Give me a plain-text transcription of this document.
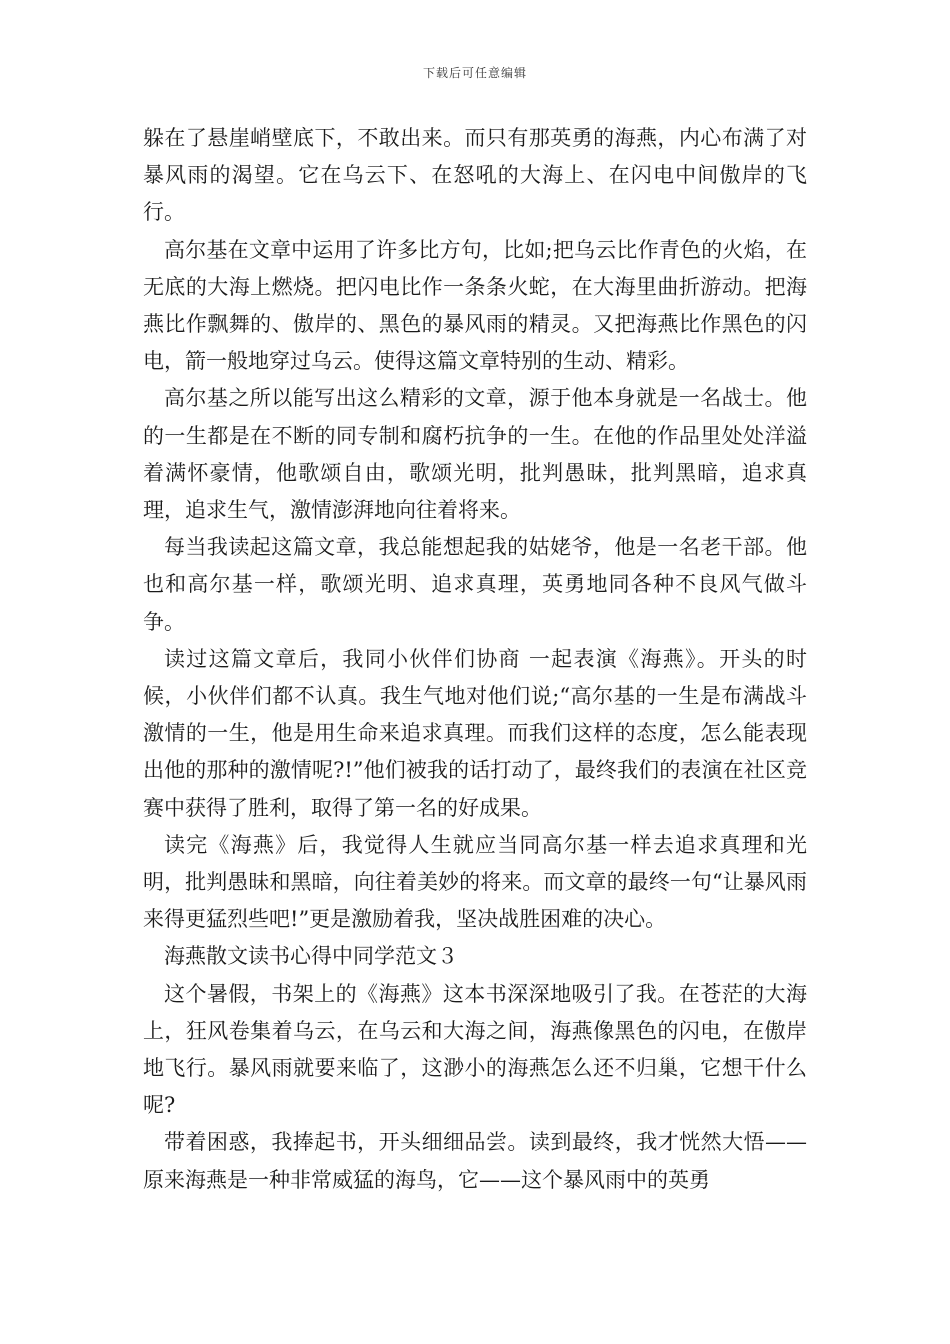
下载后可任意编辑

躲在了悬崖峭壁底下，不敢出来。而只有那英勇的海燕，内心布满了对暴风雨的渴望。它在乌云下、在怒吼的大海上、在闪电中间傲岸的飞行。

高尔基在文章中运用了许多比方句，比如;把乌云比作青色的火焰，在无底的大海上燃烧。把闪电比作一条条火蛇，在大海里曲折游动。把海燕比作飘舞的、傲岸的、黑色的暴风雨的精灵。又把海燕比作黑色的闪电，箭一般地穿过乌云。使得这篇文章特别的生动、精彩。

高尔基之所以能写出这么精彩的文章，源于他本身就是一名战士。他的一生都是在不断的同专制和腐朽抗争的一生。在他的作品里处处洋溢着满怀豪情，他歌颂自由，歌颂光明，批判愚昧，批判黑暗，追求真理，追求生气，激情澎湃地向往着将来。

每当我读起这篇文章，我总能想起我的姑姥爷，他是一名老干部。他也和高尔基一样，歌颂光明、追求真理，英勇地同各种不良风气做斗争。

读过这篇文章后，我同小伙伴们协商 一起表演《海燕》。开头的时候，小伙伴们都不认真。我生气地对他们说;“高尔基的一生是布满战斗激情的一生，他是用生命来追求真理。而我们这样的态度，怎么能表现出他的那种的激情呢?!”他们被我的话打动了，最终我们的表演在社区竞赛中获得了胜利，取得了第一名的好成果。

读完《海燕》后，我觉得人生就应当同高尔基一样去追求真理和光明，批判愚昧和黑暗，向往着美妙的将来。而文章的最终一句“让暴风雨来得更猛烈些吧!”更是激励着我，坚决战胜困难的决心。

海燕散文读书心得中同学范文３

这个暑假，书架上的《海燕》这本书深深地吸引了我。在苍茫的大海上，狂风卷集着乌云，在乌云和大海之间，海燕像黑色的闪电，在傲岸地飞行。暴风雨就要来临了，这渺小的海燕怎么还不归巢，它想干什么呢?

带着困惑，我捧起书，开头细细品尝。读到最终，我才恍然大悟——原来海燕是一种非常威猛的海鸟，它——这个暴风雨中的英勇
